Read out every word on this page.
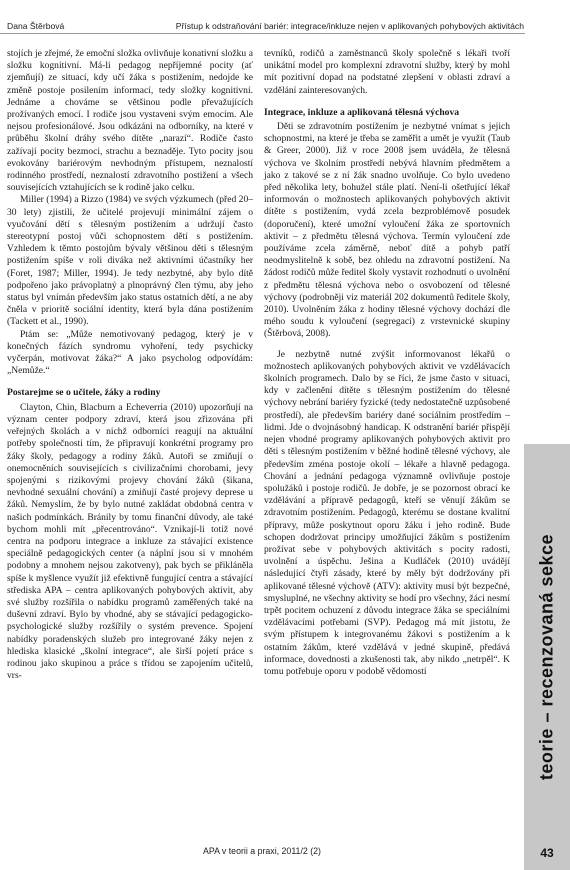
Dana Štěrbová	Přístup k odstraňování bariér: integrace/inkluze nejen v aplikovaných pohybových aktivitách

stojích je zřejmé, že emoční složka ovlivňuje konativní složku a složku kognitivní. Má-li pedagog nepříjemné pocity (ať zjemňují) ze situací, kdy učí žáka s postižením, nedojde ke změně postoje posilením informací, tedy složky kognitivní. Jednáme a chováme se většinou podle převažujících prožívaných emocí. I rodiče jsou vystaveni svým emocím. Ale nejsou profesionálové. Jsou odkázáni na odborníky, na které v průběhu školní dráhy svého dítěte „narazí“. Rodiče často zažívají pocity bezmoci, strachu a beznaděje. Tyto pocity jsou evokovány bariérovým nevhodným přístupem, neznalostí rodinného prostředí, neznalostí zdravotního postižení a všech souvisejících vztahujících se k rodině jako celku.

Miller (1994) a Rizzo (1984) ve svých výzkumech (před 20–30 lety) zjistili, že učitelé projevují minimální zájem o vyučování dětí s tělesným postižením a udržují často stereotypní postoj vůči schopnostem dětí s postižením. Vzhledem k těmto postojům bývaly většinou děti s tělesným postižením spíše v roli diváka než aktivními účastníky her (Foret, 1987; Miller, 1994). Je tedy nezbytné, aby bylo dítě podpořeno jako právoplatný a plnoprávný člen týmu, aby jeho status byl vnímán především jako status ostatních dětí, a ne aby čněla v prioritě sociální identity, která byla dána postižením (Tackett et al., 1990).

Ptám se: „Může nemotivovaný pedagog, který je v konečných fázích syndromu vyhoření, tedy psychicky vyčerpán, motivovat žáka?“ A jako psycholog odpovídám: „Nemůže.“

Postarejme se o učitele, žáky a rodiny

Clayton, Chin, Blacburn a Echeverria (2010) upozorňují na význam center podpory zdraví, která jsou zřizována při veřejných školách a v nichž odborníci reagují na aktuální potřeby společnosti tím, že připravují konkrétní programy pro žáky školy, pedagogy a rodiny žáků. Autoři se zmiňují o onemocněních souvisejících s civilizačními chorobami, jevy spojenými s rizikovými projevy chování žáků (šikana, nevhodné sexuální chování) a zmiňují časté projevy deprese u žáků. Nemyslím, že by bylo nutné zakládat obdobná centra v našich podmínkách. Bránily by tomu finanční důvody, ale také bychom mohli mít „přecentrováno“. Vznikají-li totiž nové centra na podporu integrace a inkluze za stávající existence speciálně pedagogických center (a náplní jsou si v mnohém podobny a mnohem nejsou zakotveny), pak bych se přikláněla spíše k myšlence využít již efektivně fungující centra a stávající střediska APA – centra aplikovaných pohybových aktivit, aby své služby rozšířila o nabídku programů zaměřených také na duševní zdraví. Bylo by vhodné, aby se stávající pedagogicko-psychologické služby rozšířily o systém prevence. Spojení nabídky poradenských služeb pro integrované žáky nejen z hlediska klasické „školní integrace“, ale širší pojetí práce s rodinou jako skupinou a práce s třídou se zapojením učitelů, vrs-

tevníků, rodičů a zaměstnanců školy společně s lékaři tvoří unikátní model pro komplexní zdravotní služby, který by mohl mít pozitivní dopad na podstatné zlepšení v oblasti zdraví a vzdělání zainteresovaných.

Integrace, inkluze a aplikovaná tělesná výchova

Děti se zdravotním postižením je nezbytné vnímat s jejich schopnostmi, na které je třeba se zaměřit a umět je využít (Taub & Greer, 2000). Již v roce 2008 jsem uváděla, že tělesná výchova ve školním prostředí nebývá hlavním předmětem a jako z takové se z ní žák snadno uvolňuje. Co bylo uvedeno před několika lety, bohužel stále platí. Není-li ošetřující lékař informován o možnostech aplikovaných pohybových aktivit dítěte s postižením, vydá zcela bezproblémově posudek (doporučení), které umožní vyloučení žáka ze sportovních aktivit – z předmětu tělesná výchova. Termín vyloučení zde používáme zcela záměrně, neboť dítě a pohyb patří neodmyslitelně k sobě, bez ohledu na zdravotní postižení. Na žádost rodičů může ředitel školy vystavit rozhodnutí o uvolnění z předmětu tělesná výchova nebo o osvobození od tělesné výchovy (podrobněji viz materiál 202 dokumentů ředitele školy, 2010). Uvolněním žáka z hodiny tělesné výchovy dochází dle mého soudu k vyloučení (segregaci) z vrstevnické skupiny (Štěrbová, 2008).

Je nezbytně nutné zvýšit informovanost lékařů o možnostech aplikovaných pohybových aktivit ve vzdělávacích školních programech. Dalo by se říci, že jsme často v situaci, kdy v začlenění dítěte s tělesným postižením do tělesné výchovy nebrání bariéry fyzické (tedy nedostatečně uzpůsobené prostředí), ale především bariéry dané sociálním prostředím – lidmi. Jde o dvojnásobný handicap. K odstranění bariér přispějí nejen vhodné programy aplikovaných pohybových aktivit pro děti s tělesným postižením v běžné hodině tělesné výchovy, ale především zména postoje okolí – lékaře a hlavně pedagoga. Chování a jednání pedagoga významně ovlivňuje postoje spolužáků i postoje rodičů. Je dobře, je se pozornost obrací ke vzdělávání a přípravě pedagogů, kteří se věnují žákům se zdravotním postižením. Pedagogů, kterému se dostane kvalitní přípravy, může poskytnout oporu žáku i jeho rodině. Bude schopen dodržovat principy umožňující žákům s postižením prožívat sebe v pohybových aktivitách s pocity radosti, uvolnění a úspěchu. Ješina a Kudláček (2010) uvádějí následující čtyři zásady, které by měly být dodržovány při aplikované tělesné výchově (ATV): aktivity musí být bezpečné, smysluplné, ne všechny aktivity se hodí pro všechny, žáci nesmí trpět pocitem ochuzení z důvodu integrace žáka se speciálními vzdělávacími potřebami (SVP). Pedagog má mít jistotu, že svým přístupem k integrovanému žákovi s postižením a k ostatním žákům, které vzdělává v jedné skupině, předává informace, dovednosti a zkušenosti tak, aby nikdo „netrpěl“. K tomu potřebuje oporu v podobě vědomostí	teorie – recenzovaná sekce
43
APA v teorii a praxi, 2011/2 (2)
